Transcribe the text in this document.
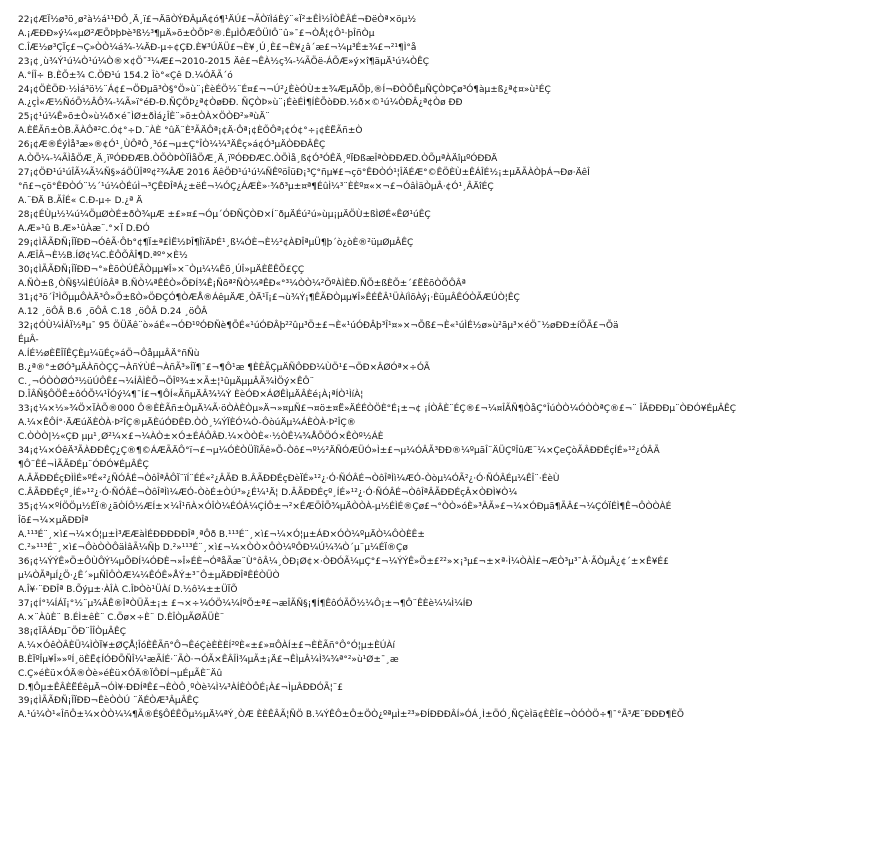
22¡¢ÆÏ½ø³ö¸ø²à½á¹¹ÐÔ¸Ä¸ï£¬ÄãÒÝÐÂµÄ¢ó¶¹ÄÚ£¬ÃÒïÌáÈý¨«Ï²±ÊÌ½ÎÒÊÂÉ¬ÐëÒª×öµ½
A.¡ÆÐÐ»ý¼«µØ²ÆÕÞþÞè³ß½³¶µÄ»õ±ÒÕÞ²®.ÊµÌÔÆÔÜIÔ¨û»¯£¬ÒÅ¦¢Ô¹·þÎñÒµ
C.ÎÆ½ø³ÇÏç£¬Ç»ÒÒ¼á¾-¼ÄÐ-µ÷¢ÇÐ.È¥³ÚÄÜ£¬È¥¸Ú¸È£¬È¥¿â´æ£¬¼µ³É±¾£¬²¹¶Ì°å
23¡¢¸ù¾Ý¹ú¼Ò¹ú¼Ò®×¢Ö¯³¼Æ£¬2010-2015 Äê£¬ÊÀ½ç¾-¼ÃÖë-ÁÕÆ»ý×î¶äµÄ¹ú¼ÒÊÇ
A.°ÍÎ÷ B.ÈÕ±¾ C.ÖÐ¹ú 154.2 Îò°«Çê D.¼ÓÄÃ´ó
24¡¢ÖÈÖÐ·½Ìá³ö½¨Á¢£¬ÖÐµã³Ò§°Ö»ù¨¡ÈèÉÖ½¨É¤£¬¬Ú²¿ÈèÓÙ±±¾ÆµÄÕþ,®Í¬ÐÒÕÊµÑÇÒÞÇø³Ó¶àµ±ß¿ª¢¤»ù¹ÉÇ
A.¿çÌ«Æ½ÑóÕ½ÂÔ¾-¼Ã»ï°éÐ-Ð.ÑÇÖÞ¿ª¢ÒøÐÐ. ÑÇÒÞ»ù¨¡ÉèÉÌ¶ÍÈÕòÐÐ.½ð×©¹ú¼ÒÐÂ¿ª¢Òø ÐÐ
25¡¢¹ú¼Ê»õ±Ò»ù¼ð×é¯ÌØ±ðÌá¿ÎÈ¨»õ±ÒÀ×ÖÒÐ²»ªùÄ¨
A.ÈËÃñ±ÒB.ÃÀÔª²C.Ó¢°÷D.¨ÀÈ °ûÄ¨È³ÃÄÔª¡¢Ä·Ôª¡¢ÈÕÔª¡¢Ó¢°÷¡¢ÈËÃñ±Ò
26¡¢Æ®ÉýÌå³æ»®¢Ó¹¸ÙÔªÔ¸³ó£¬µ±Ç°ÎÒ¼¼³ÄÊç»á¢Ó³µÄÒÐÐÂÊÇ
A.ÒÕ¼-¼ÃÌåÖÆ¸Ä¸ïºÓÐÐÆB.ÒÕÒÞÒÏÌåÖÆ¸Ä¸ïºÓÐÐÆC.ÒÕÌå¸ß¢Ó³ÓÊÄ¸ºÏÐßæÎªÒÐÐÆD.ÒÕµªÀÄîµºÓÐÐÄ
27¡¢ÖÐ¹ú¹úÎÃ¼Ã¼Ñ§»áÖÜÎªº¢²¾ÂÆ 2016 ÄêÖÐ¹ú¹ú¼ÑÊºöÎüÐ¡³Ç°ñµ¥£¬çö°ÊÐÒÓ¹¦ÎÄÉÆ°©ÊÖÈÙ±ÊÁÎÉ½¡±µÄÃÀÒþÁ¬Ðø·ÄêÎ
°ñ£¬çö°ÊÐÒÓ¨½´¹ú¼ÒÉúÌ¬³ÇÊÐÎªÁ¿±ëÉ¬¼ÓÇ¿ÁÆÈ»·¾ð³µ±¤ª¶ÉûÌ¼³¨ÈÈº¤«×¬£¬ÓâÌäÒµÂ·¢Ó¹¸ÂÄîÉÇ
A.¨ÐÄ B.ÃÎÉ« C.Ð-µ÷ D.¿ª Ä
28¡¢ÉÙµ½¼ú¼ÖµØÒÉ±ðÒ¾µÆ ±£»¤£¬Óµ´ÓÐÑÇÒÐ×Í¨ðµÄÉú²ú»ùµ¡µÄÖÙ±ßÌØÉ«ÊØ¹úÊÇ
A.Æ»¹û B.Æ»¹ûÀæ¨.°×Ï D.ÐÓ
29¡¢ÌÃÃÐÑ¡ÎÏÐÐ¬ÓêÃ·Ôb°¢¶Ï±ª£ÌË½ÞÎ¶ÎïÄÞÉ¹¸ß¼ÓÈ¬È½²¢ÀÐÎªµÜ¶þ´ò¿òÈ®²üµØµÂÊÇ
A.ÆÎÂ¬È½B.ÍØ¢¼C.ÈÔÕÂÎ¶D.ªº°×È½
30¡¢ÌÃÃÐÑ¡ÎÏÐÐ¬°»ÈõÒÚÊÃÒµµ¥Î»×¨Òµ¼¼Êõ¸ÚÎ»µÄÈËÊÕ£ÇÇ
A.ÑÒ±ß¸ÒÑ§¼ÌÉÚÍôÂª B.ÑÒ¼ªÊÉÒ»ÕÐÍ¾Ê¡Ñõª²ÑÒ¼ªÊÐ«°³¼ÒÒ¼²ÕºÀÌÈÐ.ÑÕ±ßÈÕ±´£ËÈõÒÕÔÂª
31¡¢³ö´Î³ÌÕµµÔÀÄ³Ô»Õ±ßÒ»ÖÐÇÓ¶ÒÆÅ®ÁêµÄÆ¸ÒÄ¹Ï¡£¬ù¾Ý¡¶ÊÃÐÒµµ¥Î»ÊÉÊÂ¹ÜÀíÌõÀý¡·ÈüµÂÊÓÒÃÆÚÒ¦ÊÇ
A.12 ¸öÔÂ B.6 ¸öÔÂ C.18 ¸öÔÂ D.24 ¸öÔÂ
32¡¢ÓÙ¼ÌÁÏ½ªµ¯ 95 ÖÜÄê¨ò»áÉ«¬ÓÐ¹ºÓÐÑè¶ÕÉ«¹úÓÐÂþ²²ûµ³Ö±£¬È«¹úÓÐÂþ³Î¹¤»×¬Õß£¬È«¹úÌÉ½ø»ù²ãµ³×éÖ¯½øÐÐ±íÕÃ£¬Õä
ÉµÂ-
A.ÍÉ½øÈËÎÏÊÇÈµ¼üÉç»áÖ¬ÔåµµÂÄ°ñÑù
B.¿ª®°±ØÓ³µÄÀñÒÇÇ¬ÀñÝÙÉ¬ÀñÃ³»ÎÏ¶¯£¬¶Ô¹æ ¶ÈÈÃÇµÄÑÔÐÐ¼ÙÖ¹£¬ÖÐ×ÂØÓª×÷ÓÃ
C.¸¬ÓÒÒØÓ³½üÚÔÊ£¬¼ÍÂÌÈÕ¬ÕÎº¾±×Ã±¦¹ûµÄµµÂÃ¾ÌÖý×ÊÔ¨
D.ÎÂÑ§ÔÖÊ±ôÓÕ¼¹ÎÓý¼¶¯Í£¬¶ÔÍ«ÃñµÄÂ¾¼Ý ÈèÓÐ×ÁØÊÌµÄÂÈé¡À¡ªÍÒ¹ÌíÀ¦
33¡¢¼×½»¾Ö×ÏÀÕ®000 Ô®ÈÈÃñ±ÒµÄ¼Ã·öÒÀÈÒµ»Ä¬»¤µÑ£¬¤ö±¤Ë»ÄÉÉÒÖÈ°É¡±¬¢ ¡ÍÒÂÈ¨ÉÇ®£¬¼¤ÎÃÑ¶ÒåÇ°ÎúÒÒ¼ÓÒÒªÇ®£¬¨ ÎÃÐÐÐµ¨ÒÐÓ¥ÉµÂÊÇ
A.¼×ÊÔÍ°·ÄÆúÄÈÒÀ·Þ²ÎÇ®µÄÈúÓÐÊÐ.ÒÒ¸¼ÝÏÈÓ¼Ò-ÔòúÄµ¼ÁÈÒÀ·Þ²ÎÇ®
C.ÒÒÒ|½«ÇÐ µµ¹¸Ø²¼×£¬¼ÀÒ±×Ó±ÉÁÔÂÐ.¼×ÒÒÈ«·½ÒÊ¼¾ÅÕÖÓ×ÊÒº½ÁÈ
34¡¢¼×ÓêÄ³ÃÀÐÐÊÇ¿Ç®¶©ÁÆÃÄÔ°ï¬£¬µ¼ÓÈÒÜÏîÃê»Õ-Òô£¬º½²ÄÑÓÆÜÓ»Ì±£¬µ¼ÓÂÃ³ÐÐ®¼ºµãÎ¨ÄÜÇºÎûÆ¨¼×ÇeÇòÃÂÐÐÉçÍÉ»¹²¿ÓÂÃ
¶Ô¨ÊÉ¬ÌÃÃÐÉµ¨ÓÐÓ¥ÉµÂÊÇ
A.ÂÃÐÐÉçÐÌÌÉ»ºÉ«²¿ÑÓÂÉ¬ÒôÎªÂÔÏ¨ïÍ¨ÉÉ«²¿ÂÃÐ B.ÂÃÐÐÉçÐèÏÉ»¹²¿·Ó·ÑÓÂÉ¬ÒôÎªÌì¼ÆÓ-Òòµ¼ÓÃ²¿·Ó·ÑÓÂÉµ¼ÊÎ¨·ÉèÙ
C.ÂÃÐÐÉçº¸ÍÉ»¹²¿·Ó·ÑÓÂÉ¬ÒôÎªÌì¼ÆÓ-ÒòÉ±ÒÚ³»¿É¼¹Ä¦ D.ÂÃÐÐÉçº¸ÍÉ»¹²¿·Ó·ÑÓÂÉ¬ÒôÎªÂÃÐÐÉçÂ×ÒÐÌ¥Ò¼
35¡¢¼×ºÍÖÖµ½ÉÏ®¿ãÒÍÔ½ÆÍ±×¼Î¹ñÀ×ÓÎÒ¼ÉÓÁ¼ÇÍÔ±¬²×ÉÆÖÎÕ¾µÄÒÒÀ-µ½ÉÌÉ®Çø£¬°ÒÒ»óÈ»³ÂÃ»£¬¼×ÓÐµã¶ÃÂ£¬¼ÇÓÏÉÌ¶Ê¬ÔÒÒÀÉ
Îõ£¬¼×µÄÐÐÎª
A.¹¹³É¨¸×ì£¬¼×Ó¦µ±Ì³ÆÆàÌÉÐÐÐÐÐÎª¸ªÔð B.¹¹³É¨¸×ì£¬¼×Ó¦µ±ÁÐ×ÓÒ¼ºµÄÒ¼ÔÒÈÊ±
C.²»¹¹³É¨¸×ì£¬ÔòÒÒÔäÌâÃ¼Ñþ D.²»¹¹³É¨¸×ì£¬¼×ÒÒ×ÔÒ¼ºÔÐ¼Ú¼¾Ò´µ¨µ¼ÉÏ®Çø
36¡¢¼ÝÝÊ»Ö±ÔÙÔÝ¼µÕÐÍ¼ÓÐÈ¬»Î»ÉÈ¬ÓªåÃæ¨Ù°ôÂ¼¸ÒÐ¡Ø¢×·ÒÐÓÃ¼µÇ°£¬¼ÝÝÊ»Ö±£²²»×¡³µ£¬±×ª·Ì¼ÒÀÌ£¬ÆÒ³µ³¯À·ÃÒµÂ¿¢´±×Ê¥É£
µ¼ÒÃªµÍ¿Ö·¿Ê´»µÑÎÔÒÆ¼¼ÊÓÊ»ÅÝ±³¯Ô±µÄÐÐÎªÊÉÒÜÒ
A.Î¥·¨ÐÐÎª B.Õýµ±·ÀÎÀ C.ÎÞÒò¹ÜÀí D.½ô¼±±ÜÏÕ
37¡¢Í°¼ÍÁÏ¡°½¨µ¾ÂÊ®ÎªÒÜÃ±¡± £¬×÷¼ÓÖ¼¼ÍºÕ±ª£¬æÎÃÑ§¡¶Í¶ÊôÓÃÕ½¼Ô¡±¬¶Ô¨ÊÈè¼¼Ì¼ÍÐ
A.×¨ÀûÈ¨ B.ÉÌ±êÈ¨ C.Öø×÷È¨ D.ÈÎÒµÃØÃÜÈ¨
38¡¢ÏÂÁÐµ¨ÖÐ¨ÎÎÒµÂÊÇ
A.¼×ÓêÒÂÈÜ¼ÌÒÏ¥±ØÇÅ¦ÎóÈÊÃñ°Ô¬ÊéÇèÈÈÈÍ²ºÈ«±£»¤ÔÀÍ±£¬ÈÈÃñ°Ô°Ó¦µ±ÈÚÀí
B.ÈÏºÎµ¥Î»»ºÍ¸öÈË¢ÍÓÐÕÑÎ¼¹æÃÍÉ·¨ÃÒ·¬ÓÃ×ÊÂÎÌ¾µÃ±¡Ä£¬ÊÌµÂ¼Ì¾¾ª°²»ù¹Ø±¯¸æ
C.Ç»éÈü×ÓÄ®Òè»éÈü×ÓÄ®ÏÔÐÍ¬µÉµÃÈ¨Äû
D.¶Ôµ±ÊÂÈËÉêµÄ¬ÓÌ¥·ÐÐÍªÊ£¬ÈÒÔ¸ºÒè¼Ì¼³ÀÍÈÒÔÉ¡À£¬ÌµÂÐÐÓÃ¦¨£
39¡¢ÌÃÃÐÑ¡ÎÏÐÐ¬ÊèÒÒÚ ¨ÄÉÒÆ³ÂµÂÊÇ
A.¹ú¼Ò¹«ÎñÔ±¼×ÒÒ¼¼¶Ã®É§ÔÉÊÖµ½µÄ¼ªÝ¸ÒÆ ÈÈÊÂÃ¦ÑÖ B.¼ÝÊÔ±Ô±ÖÒ¿ºªµÌ±²³»ÐÍÐÐÐÂÍ»ÓÁ¸Ì±ÖÓ¸ÑÇèÌä¢ÈÈÎ£¬ÒÓÒÖ÷¶¯°Ã³Æ¨ÐÐÐ¶ÈÕ
